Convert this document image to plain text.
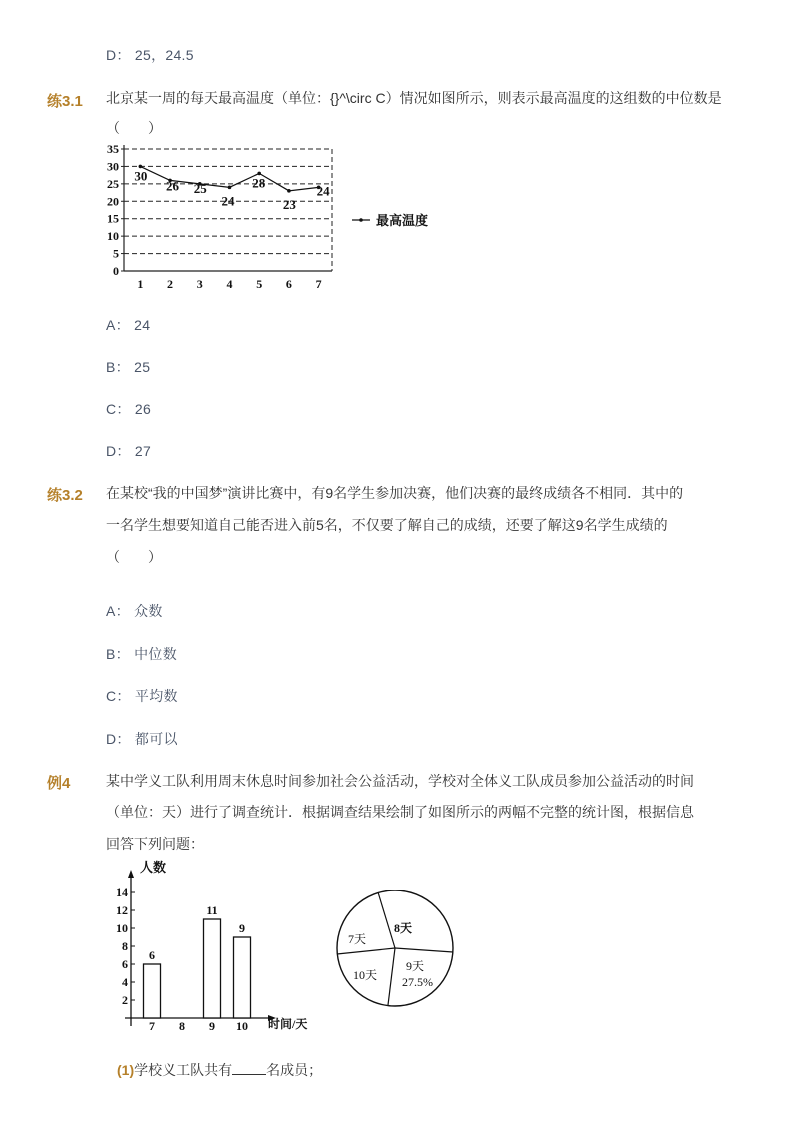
D： 25，24.5
练3.1 北京某一周的每天最高温度（单位：{}^\circ C）情况如图所示，则表示最高温度的这组数的中位数是（　　）
0
5
10
15
20
25
30
35
1 2 3 4 5 6 7
30
26 25
24
28
23
24
最高温度
A： 24
B： 25
C： 26
D： 27
练3.2 在某校“我的中国梦”演讲比赛中，有9名学生参加决赛，他们决赛的最终成绩各不相同．其中的
一名学生想要知道自己能否进入前5名，不仅要了解自己的成绩，还要了解这9名学生成绩的
（　　）
A： 众数
B： 中位数
C： 平均数
D： 都可以
例4	某中学义工队利用周末休息时间参加社会公益活动，学校对全体义工队成员参加公益活动的时间
（单位：天）进行了调查统计．根据调查结果绘制了如图所示的两幅不完整的统计图，根据信息
回答下列问题：
2
4
6
8
10
12
14
7 8 9 10
6
11
9
人数
时间/天
8天
7天
10天
9天
27.5%
(1)学校义工队共有 名成员；
